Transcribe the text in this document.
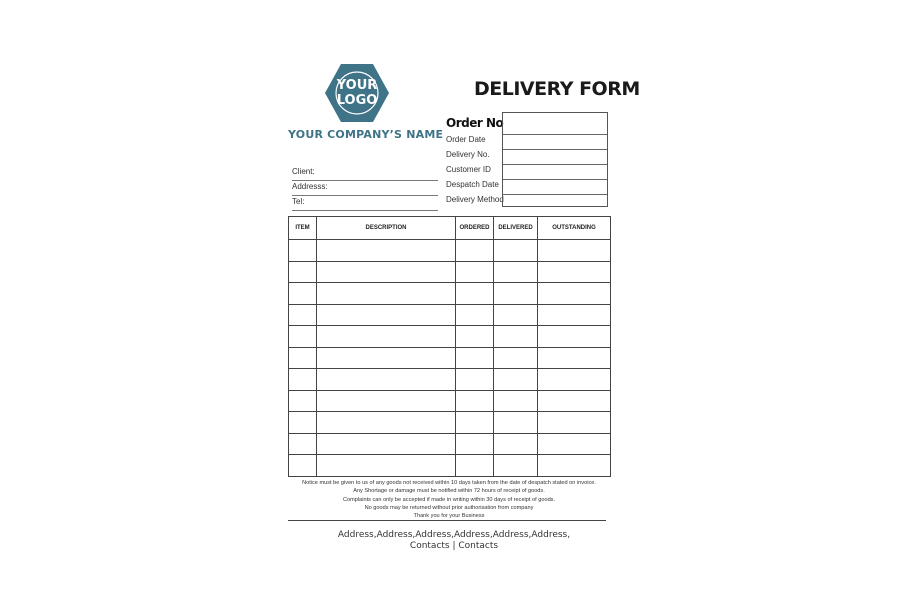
YOUR
LOGO
YOUR COMPANY’S NAME
DELIVERY FORM
Client:
Addresss:
Tel:
Order No
Order Date
Delivery No.
Customer ID
Despatch Date
Delivery Method
ITEM	DESCRIPTION	ORDERED	DELIVERED	OUTSTANDING

Notice must be given to us of any goods not received within 10 days taken from the date of despatch stated on invoice.
Any Shortage or damage must be notified within 72 hours of receipt of goods.
Complaints can only be accepted if made in writing within 30 days of receipt of goods.
No goods may be returned without prior authorisation from company
Thank you for your Business
Address,Address,Address,Address,Address,Address,
Contacts | Contacts
